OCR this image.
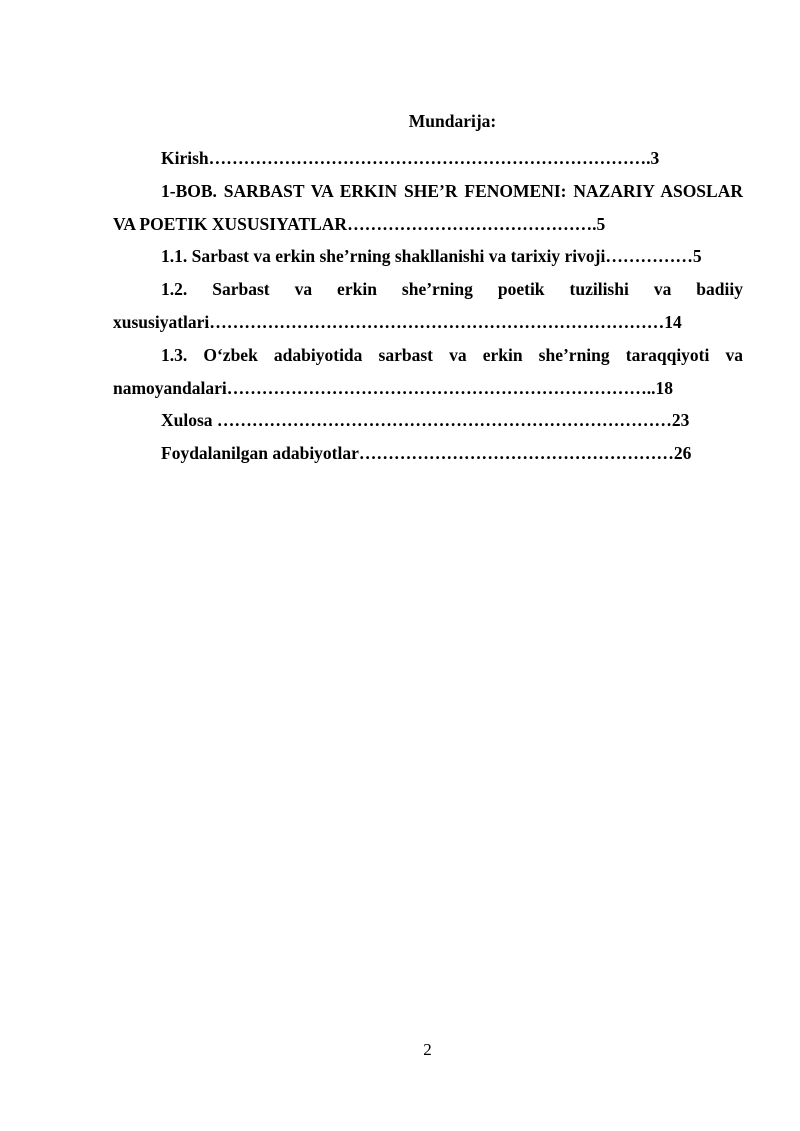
Mundarija:

Kirish………………………………………………………………….3

1-BOB. SARBAST VA ERKIN SHE’R FENOMENI: NAZARIY ASOSLAR VA POETIK XUSUSIYATLAR…………………………………….5

1.1. Sarbast va erkin she’rning shakllanishi va tarixiy rivoji……………5

1.2. Sarbast va erkin she’rning poetik tuzilishi va badiiy xususiyatlari……………………………………………………………………14

1.3. O‘zbek adabiyotida sarbast va erkin she’rning taraqqiyoti va namoyandalari………………………………………………………………..18

Xulosa ……………………………………………………………………23

Foydalanilgan adabiyotlar………………………………………………26

2
